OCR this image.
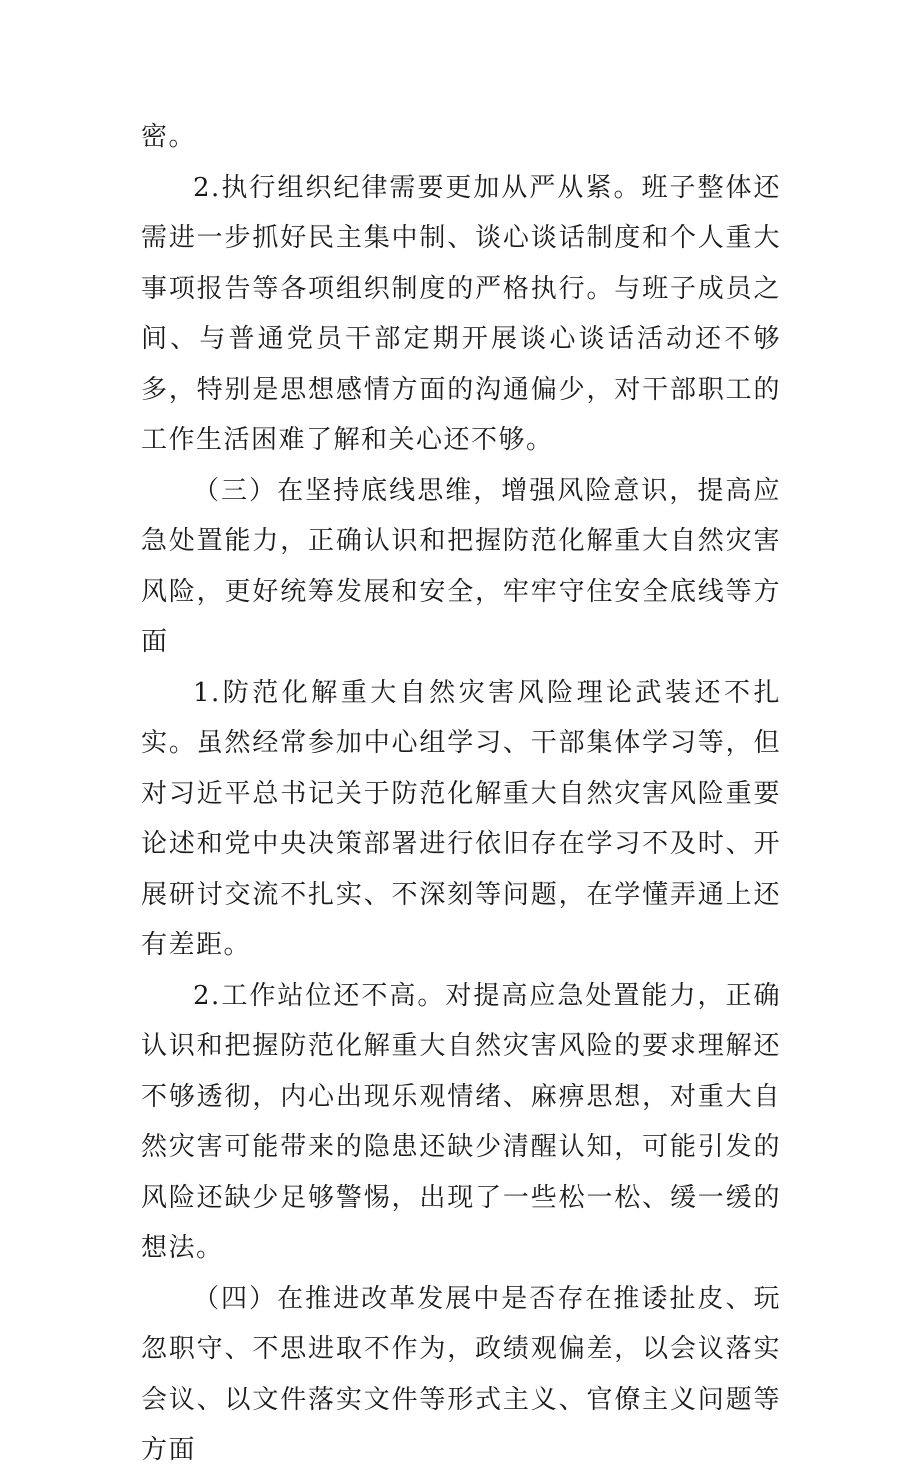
密。

2.执行组织纪律需要更加从严从紧。班子整体还需进一步抓好民主集中制、谈心谈话制度和个人重大事项报告等各项组织制度的严格执行。与班子成员之间、与普通党员干部定期开展谈心谈话活动还不够多，特别是思想感情方面的沟通偏少，对干部职工的工作生活困难了解和关心还不够。

（三）在坚持底线思维，增强风险意识，提高应急处置能力，正确认识和把握防范化解重大自然灾害风险，更好统筹发展和安全，牢牢守住安全底线等方面

1.防范化解重大自然灾害风险理论武装还不扎实。虽然经常参加中心组学习、干部集体学习等，但对习近平总书记关于防范化解重大自然灾害风险重要论述和党中央决策部署进行依旧存在学习不及时、开展研讨交流不扎实、不深刻等问题，在学懂弄通上还有差距。

2.工作站位还不高。对提高应急处置能力，正确认识和把握防范化解重大自然灾害风险的要求理解还不够透彻，内心出现乐观情绪、麻痹思想，对重大自然灾害可能带来的隐患还缺少清醒认知，可能引发的风险还缺少足够警惕，出现了一些松一松、缓一缓的想法。

（四）在推进改革发展中是否存在推诿扯皮、玩忽职守、不思进取不作为，政绩观偏差，以会议落实会议、以文件落实文件等形式主义、官僚主义问题等方面
